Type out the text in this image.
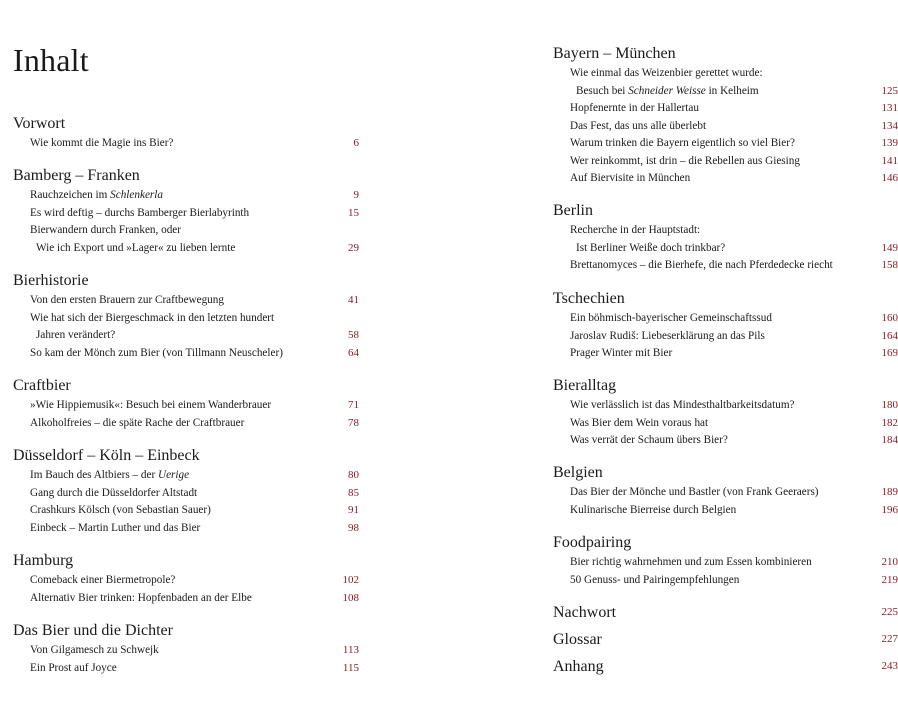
Inhalt
Vorwort
Wie kommt die Magie ins Bier?	6
Bamberg – Franken
Rauchzeichen im Schlenkerla	9
Es wird deftig – durchs Bamberger Bierlabyrinth	15
Bierwandern durch Franken, oder
Wie ich Export und »Lager« zu lieben lernte	29
Bierhistorie
Von den ersten Brauern zur Craftbewegung	41
Wie hat sich der Biergeschmack in den letzten hundert
Jahren verändert?	58
So kam der Mönch zum Bier (von Tillmann Neuscheler)	64
Craftbier
»Wie Hippiemusik«: Besuch bei einem Wanderbrauer	71
Alkoholfreies – die späte Rache der Craftbrauer	78
Düsseldorf – Köln – Einbeck
Im Bauch des Altbiers – der Uerige	80
Gang durch die Düsseldorfer Altstadt	85
Crashkurs Kölsch (von Sebastian Sauer)	91
Einbeck – Martin Luther und das Bier	98
Hamburg
Comeback einer Biermetropole?	102
Alternativ Bier trinken: Hopfenbaden an der Elbe	108
Das Bier und die Dichter
Von Gilgamesch zu Schwejk	113
Ein Prost auf Joyce	115
Bayern – München
Wie einmal das Weizenbier gerettet wurde:
Besuch bei Schneider Weisse in Kelheim	125
Hopfenernte in der Hallertau	131
Das Fest, das uns alle überlebt	134
Warum trinken die Bayern eigentlich so viel Bier?	139
Wer reinkommt, ist drin – die Rebellen aus Giesing	141
Auf Biervisite in München	146
Berlin
Recherche in der Hauptstadt:
Ist Berliner Weiße doch trinkbar?	149
Brettanomyces – die Bierhefe, die nach Pferdedecke riecht	158
Tschechien
Ein böhmisch-bayerischer Gemeinschaftssud	160
Jaroslav Rudiš: Liebeserklärung an das Pils	164
Prager Winter mit Bier	169
Bieralltag
Wie verlässlich ist das Mindesthaltbarkeitsdatum?	180
Was Bier dem Wein voraus hat	182
Was verrät der Schaum übers Bier?	184
Belgien
Das Bier der Mönche und Bastler (von Frank Geeraers)	189
Kulinarische Bierreise durch Belgien	196
Foodpairing
Bier richtig wahrnehmen und zum Essen kombinieren	210
50 Genuss- und Pairingempfehlungen	219
Nachwort	225
Glossar	227
Anhang	243
